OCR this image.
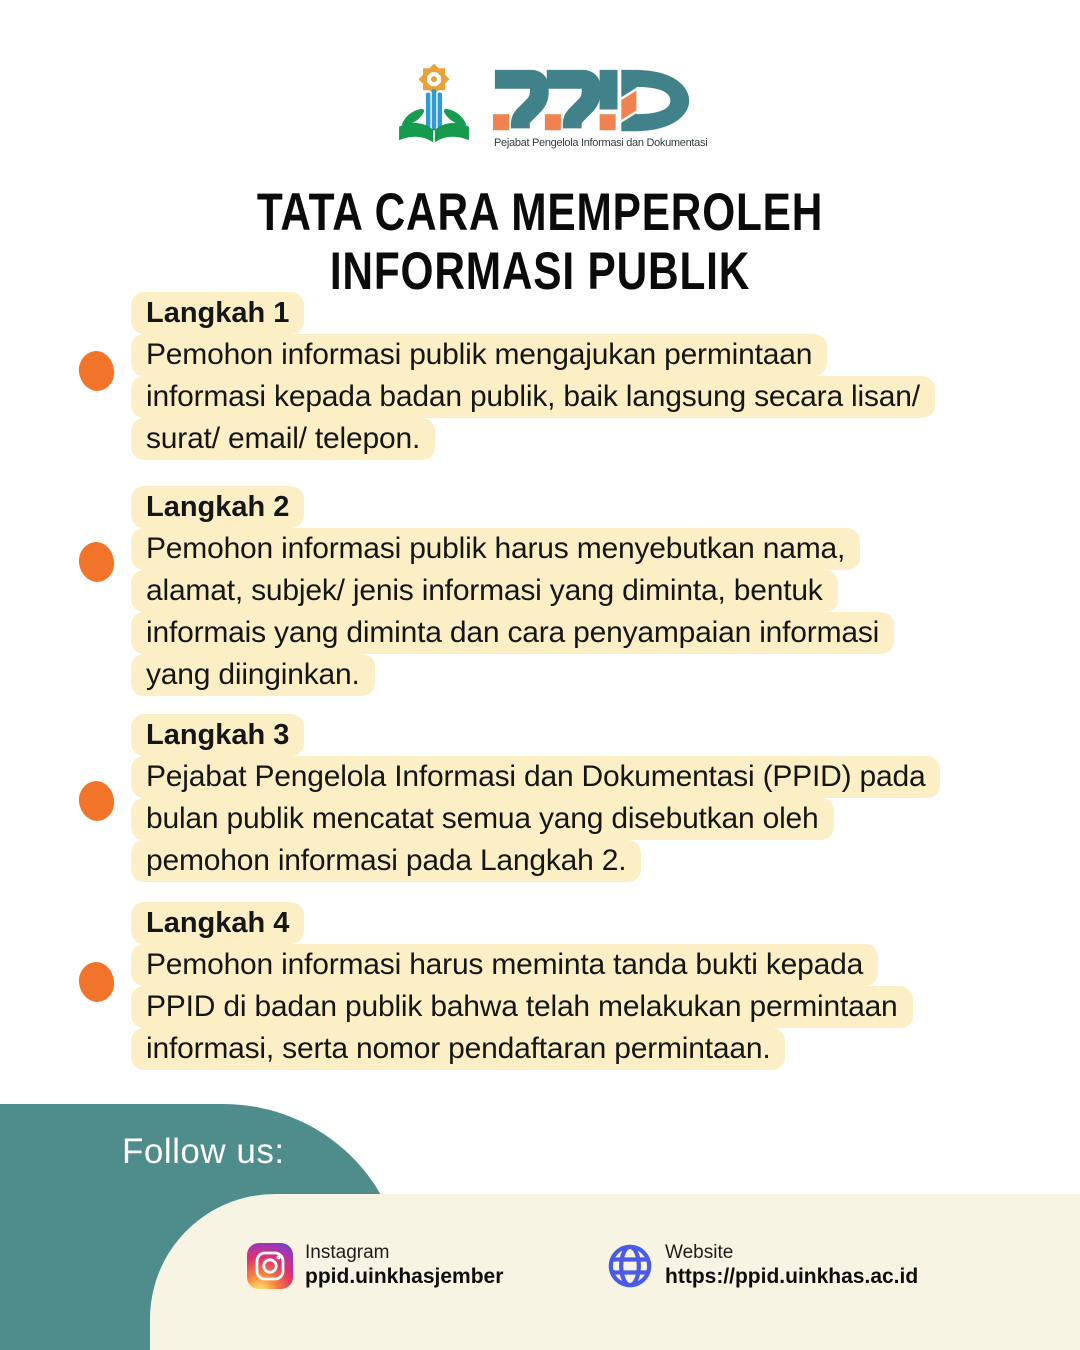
Pejabat Pengelola Informasi dan Dokumentasi
TATA CARA MEMPEROLEH
INFORMASI PUBLIK
Langkah 1
Pemohon informasi publik mengajukan permintaan
informasi kepada badan publik, baik langsung secara lisan/
surat/ email/ telepon.
Langkah 2
Pemohon informasi publik harus menyebutkan nama,
alamat, subjek/ jenis informasi yang diminta, bentuk
informais yang diminta dan cara penyampaian informasi
yang diinginkan.
Langkah 3
Pejabat Pengelola Informasi dan Dokumentasi (PPID) pada
bulan publik mencatat semua yang disebutkan oleh
pemohon informasi pada Langkah 2.
Langkah 4
Pemohon informasi harus meminta tanda bukti kepada
PPID di badan publik bahwa telah melakukan permintaan
informasi, serta nomor pendaftaran permintaan.
Follow us:
Instagram
ppid.uinkhasjember
Website
https://ppid.uinkhas.ac.id
